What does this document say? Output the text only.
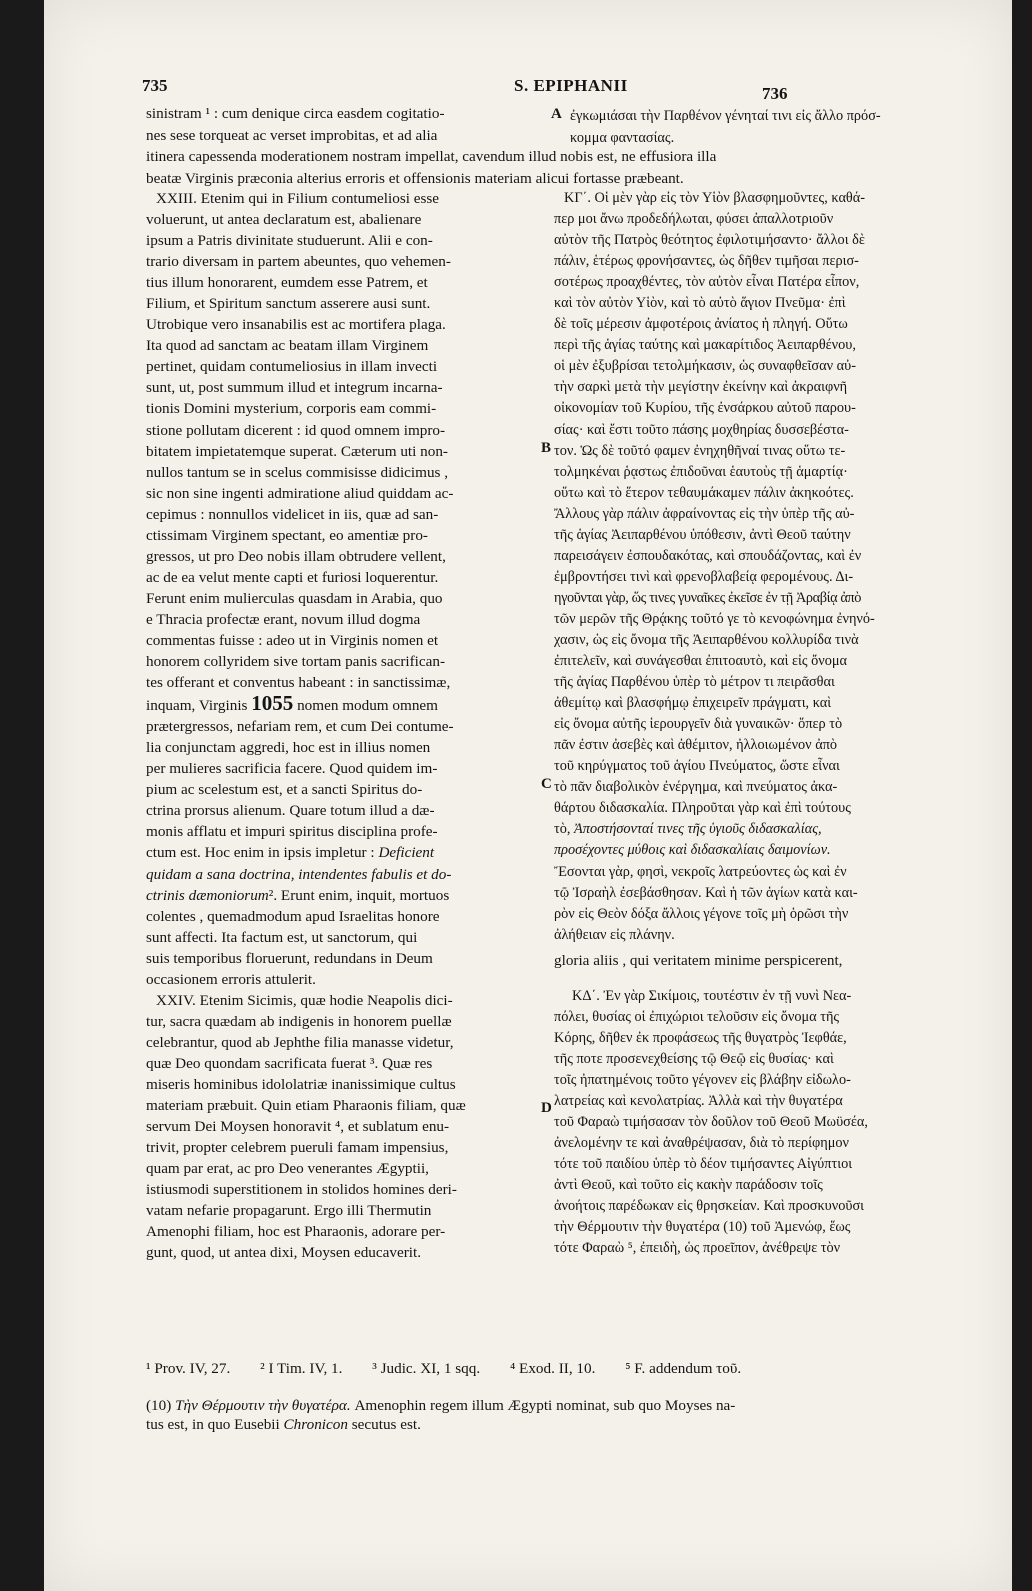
735	S. EPIPHANII	736
sinistram ¹ : cum denique circa easdem cogitatio-
nes sese torqueat ac verset improbitas, et ad alia
itinera capessenda moderationem nostram impellat, cavendum illud nobis est, ne effusiora illa
beatæ Virginis præconia alterius erroris et offensionis materiam alicui fortasse præbeant.
A ἐγκωμιάσαι τὴν Παρθένον γένηταί τινι εἰς ἄλλο πρόσ-
κομμα φαντασίας.
XXIII. Etenim qui in Filium contumeliosi esse
voluerunt, ut antea declaratum est, abalienare
ipsum a Patris divinitate studuerunt. Alii e con-
trario diversam in partem abeuntes, quo vehemen-
tius illum honorarent, eumdem esse Patrem, et
Filium, et Spiritum sanctum asserere ausi sunt.
Utrobique vero insanabilis est ac mortifera plaga.
Ita quod ad sanctam ac beatam illam Virginem
pertinet, quidam contumeliosius in illam invecti
sunt, ut, post summum illud et integrum incarna-
tionis Domini mysterium, corporis eam commi-
stione pollutam dicerent : id quod omnem impro-
bitatem impietatemque superat. Cæterum uti non-
nullos tantum se in scelus commisisse didicimus ,
sic non sine ingenti admiratione aliud quiddam ac-
cepimus : nonnullos videlicet in iis, quæ ad san-
ctissimam Virginem spectant, eo amentiæ pro-
gressos, ut pro Deo nobis illam obtrudere vellent,
ac de ea velut mente capti et furiosi loquerentur.
Ferunt enim mulierculas quasdam in Arabia, quo
e Thracia profectæ erant, novum illud dogma
commentas fuisse : adeo ut in Virginis nomen et
honorem collyridem sive tortam panis sacrifican-
tes offerant et conventus habeant : in sanctissimæ,
inquam, Virginis 1055 nomen modum omnem
prætergressos, nefariam rem, et cum Dei contume-
lia conjunctam aggredi, hoc est in illius nomen
per mulieres sacrificia facere. Quod quidem im-
pium ac scelestum est, et a sancti Spiritus do-
ctrina prorsus alienum. Quare totum illud a dæ-
monis afflatu et impuri spiritus disciplina profe-
ctum est. Hoc enim in ipsis impletur : Deficient
quidam a sana doctrina, intendentes fabulis et do-
ctrinis dæmoniorum². Erunt enim, inquit, mortuos
colentes , quemadmodum apud Israelitas honore
sunt affecti. Ita factum est, ut sanctorum, qui
suis temporibus floruerunt, redundans in Deum
occasionem erroris attulerit.
XXIV. Etenim Sicimis, quæ hodie Neapolis dici-
tur, sacra quædam ab indigenis in honorem puellæ
celebrantur, quod ab Jephthe filia manasse videtur,
quæ Deo quondam sacrificata fuerat ³. Quæ res
miseris hominibus idololatriæ inanissimique cultus
materiam præbuit. Quin etiam Pharaonis filiam, quæ
servum Dei Moysen honoravit ⁴, et sublatum enu-
trivit, propter celebrem pueruli famam impensius,
quam par erat, ac pro Deo venerantes Ægyptii,
istiusmodi superstitionem in stolidos homines deri-
vatam nefarie propagarunt. Ergo illi Thermutin
Amenophi filiam, hoc est Pharaonis, adorare per-
gunt, quod, ut antea dixi, Moysen educaverit.
B
C
D
ΚΓ΄. Οἱ μὲν γὰρ εἰς τὸν Υἱὸν βλασφημοῦντες, καθά-
περ μοι ἄνω προδεδήλωται, φύσει ἀπαλλοτριοῦν
αὐτὸν τῆς Πατρὸς θεότητος ἐφιλοτιμήσαντο· ἄλλοι δὲ
πάλιν, ἑτέρως φρονήσαντες, ὡς δῆθεν τιμῆσαι περισ-
σοτέρως προαχθέντες, τὸν αὐτὸν εἶναι Πατέρα εἶπον,
καὶ τὸν αὐτὸν Υἱὸν, καὶ τὸ αὐτὸ ἅγιον Πνεῦμα· ἐπὶ
δὲ τοῖς μέρεσιν ἀμφοτέροις ἀνίατος ἡ πληγή. Οὕτω
περὶ τῆς ἁγίας ταύτης καὶ μακαρίτιδος Ἀειπαρθένου,
οἱ μὲν ἐξυβρίσαι τετολμήκασιν, ὡς συναφθεῖσαν αὐ-
τὴν σαρκὶ μετὰ τὴν μεγίστην ἐκείνην καὶ ἀκραιφνῆ
οἰκονομίαν τοῦ Κυρίου, τῆς ἐνσάρκου αὐτοῦ παρου-
σίας· καὶ ἔστι τοῦτο πάσης μοχθηρίας δυσσεβέστα-
τον. Ὡς δὲ τοῦτό φαμεν ἐνηχηθῆναί τινας οὕτω τε-
τολμηκέναι ῥᾳστως ἐπιδοῦναι ἑαυτοὺς τῇ ἁμαρτίᾳ·
οὕτω καὶ τὸ ἕτερον τεθαυμάκαμεν πάλιν ἀκηκοότες.
Ἄλλους γὰρ πάλιν ἀφραίνοντας εἰς τὴν ὑπὲρ τῆς αὐ-
τῆς ἁγίας Ἀειπαρθένου ὑπόθεσιν, ἀντὶ Θεοῦ ταύτην
παρεισάγειν ἐσπουδακότας, καὶ σπουδάζοντας, καὶ ἐν
ἐμβροντήσει τινὶ καὶ φρενοβλαβείᾳ φερομένους. Δι-
ηγοῦνται γὰρ, ὥς τινες γυναῖκες ἐκεῖσε ἐν τῇ Ἀραβίᾳ ἀπὸ
τῶν μερῶν τῆς Θρᾴκης τοῦτό γε τὸ κενοφώνημα ἐνηνό-
χασιν, ὡς εἰς ὄνομα τῆς Ἀειπαρθένου κολλυρίδα τινὰ
ἐπιτελεῖν, καὶ συνάγεσθαι ἐπιτοαυτὸ, καὶ εἰς ὄνομα
τῆς ἁγίας Παρθένου ὑπὲρ τὸ μέτρον τι πειρᾶσθαι
ἀθεμίτῳ καὶ βλασφήμῳ ἐπιχειρεῖν πράγματι, καὶ
εἰς ὄνομα αὐτῆς ἱερουργεῖν διὰ γυναικῶν· ὅπερ τὸ
πᾶν ἐστιν ἀσεβὲς καὶ ἀθέμιτον, ἠλλοιωμένον ἀπὸ
τοῦ κηρύγματος τοῦ ἁγίου Πνεύματος, ὥστε εἶναι
τὸ πᾶν διαβολικὸν ἐνέργημα, καὶ πνεύματος ἀκα-
θάρτου διδασκαλία. Πληροῦται γὰρ καὶ ἐπὶ τούτους
τὸ, Ἀποστήσονταί τινες τῆς ὑγιοῦς διδασκαλίας,
προσέχοντες μύθοις καὶ διδασκαλίαις δαιμονίων.
Ἔσονται γὰρ, φησὶ, νεκροῖς λατρεύοντες ὡς καὶ ἐν
τῷ Ἰσραὴλ ἐσεβάσθησαν. Καὶ ἡ τῶν ἁγίων κατὰ και-
ρὸν εἰς Θεὸν δόξα ἄλλοις γέγονε τοῖς μὴ ὁρῶσι τὴν
ἀλήθειαν εἰς πλάνην.
gloria aliis , qui veritatem minime perspicerent,
ΚΔ΄. Ἐν γὰρ Σικίμοις, τουτέστιν ἐν τῇ νυνὶ Νεα-
πόλει, θυσίας οἱ ἐπιχώριοι τελοῦσιν εἰς ὄνομα τῆς
Κόρης, δῆθεν ἐκ προφάσεως τῆς θυγατρὸς Ἰεφθάε,
τῆς ποτε προσενεχθείσης τῷ Θεῷ εἰς θυσίας· καὶ
τοῖς ἠπατημένοις τοῦτο γέγονεν εἰς βλάβην εἰδωλο-
λατρείας καὶ κενολατρίας. Ἀλλὰ καὶ τὴν θυγατέρα
τοῦ Φαραὼ τιμήσασαν τὸν δοῦλον τοῦ Θεοῦ Μωϋσέα,
ἀνελομένην τε καὶ ἀναθρέψασαν, διὰ τὸ περίφημον
τότε τοῦ παιδίου ὑπὲρ τὸ δέον τιμήσαντες Αἰγύπτιοι
ἀντὶ Θεοῦ, καὶ τοῦτο εἰς κακὴν παράδοσιν τοῖς
ἀνοήτοις παρέδωκαν εἰς θρησκείαν. Καὶ προσκυνοῦσι
τὴν Θέρμουτιν τὴν θυγατέρα (10) τοῦ Ἀμενώφ, ἕως
τότε Φαραὼ ⁵, ἐπειδὴ, ὡς προεῖπον, ἀνέθρεψε τὸν
¹ Prov. IV, 27. ² I Tim. IV, 1. ³ Judic. XI, 1 sqq. ⁴ Exod. II, 10. ⁵ F. addendum τοῦ.
(10) Τὴν Θέρμουτιν τὴν θυγατέρα. Amenophin regem illum Ægypti nominat, sub quo Moyses na-
tus est, in quo Eusebii Chronicon secutus est.
